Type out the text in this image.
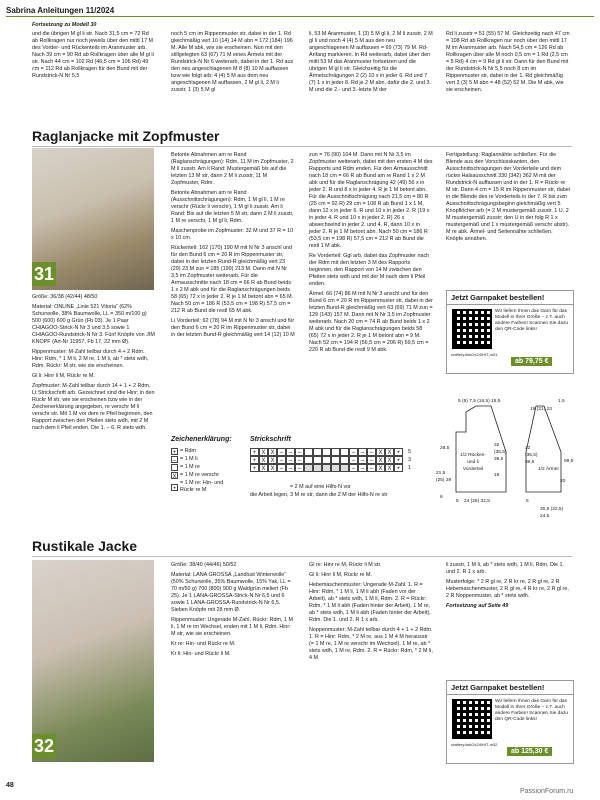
Sabrina Anleitungen 11/2024
Fortsetzung zu Modell 30
und die übrigen M gl li str. Nach 31,5 cm = 72 Rd ab Rollkragen nur noch jeweils über den mittl 17 M des Vorder- und Rückenteils im Aranmuster arb. Nach 39 cm = 90 Rd ab Rollkragen über alle M gl li str. Nach 44 cm = 102 Rd (46,5 cm = 106 Rd) 49 cm = 112 Rd ab Rollkragen für den Bund mit der Rundstrick-N Nr 5,5
noch 5 cm im Rippenmuster str, dabei in der 1. Rd gleichmäßig vert 10 (14) 14 M abn = 172 (184) 196 M. Alle M abk, wie sie erscheinen. Nun mit den stillgelegten 63 (67) 71 M eines Ärmels mit der Rundstrick-N Nr 6 weiterarb, dabei in der 1. Rd aus den neu angeschlagenen M 8 (8) 10 M auffassen bzw wie folgt arb: 4 (4) 5 M aus dem neu angeschlagenen M auffassen, 2 M gl li, 2 M li zusstr, 1 (3) 5 M gl
li, 53 M Aranmuster, 1 (3) 5 M gl li, 2 M li zusstr, 2 M gl li und noch 4 (4) 5 M aus den neu angeschlagenen M auffassen = 69 (73) 79 M. Rd-Anfang markieren. In Rd weiterarb, dabei über den mittl 53 M das Aranmuster fortsetzen und die übrigen M gl li str. Gleichzeitig für die Ärmelschrägungen 2 (2) 10 x in jeder 6. Rd und 7 (7) 1 x in jeder 8. Rd je 2 M abn, dafür die 2. und 3. M und die 2.- und 3.-letzte M der
Rd li zusstr = 51 (55) 57 M. Gleichzeitig nach 47 cm = 108 Rd ab Rollkragen nur noch über den mittl 17 M im Aranmuster arb. Nach 54,5 cm = 126 Rd ab Rollkragen über alle M noch 0,5 cm = 1 Rd (2,5 cm = 5 Rd) 4 cm = 9 Rd gl li str. Dann für den Bund mit der Rundstrick-N Nr 5,5 noch 8 cm im Rippenmuster str, dabei in der 1. Rd gleichmäßig vert 3 (3) 5 M abn = 48 (52) 52 M. Die M abk, wie sie erscheinen.
Raglanjacke mit Zopfmuster
31

Größe: 36/38 (42/44) 48/50

Material: ONLINE „Linie 521 Vitoria“ (62% Schurwolle, 38% Baumwolle, LL = 350 m/100 g) 500 (600) 600 g Grün (Fb 03). Je 1 Paar CHIAGOO-Strick-N Nr 3 und 3,5 sowie 1 CHIAGOO-Rundstrick-N Nr 3. Fünf Knöpfe von JIM KNOPF (Art-Nr 11957, Fb 17, 22 mm Ø).

Rippenmuster: M-Zahl teilbar durch 4 + 2 Rdm. Hinr: Rdm, * 1 M li, 2 M re, 1 M li, ab * stets wdh, Rdm. Rückr: M str, wie sie erscheinen.

Gl li: Hinr li M, Rückr re M.

Zopfmuster: M-Zahl teilbar durch 14 + 1 + 2 Rdm. Lt Strickschrift arb. Gezeichnet sind die Hinr; in den Rückr M str, wie sie erscheinen bzw wie in der Zeichenerklärung angegeben, re verschr M li verschr str. Mit 1 M vor dem re Pfeil beginnen, den Rapport zwischen den Pfeilen stets wdh, mit 2 M nach dem li Pfeil enden. Die 1. – 6. R stets wdh.

Betonte Abnahmen am re Rand (Raglanschrägungen): Rdm, 11 M im Zopfmuster, 2 M li zusstr. Am li Rand: Mustergemäß bis auf die letzten 13 M str, dann 2 M li zusstr, 11 M Zopfmuster, Rdm.

Betonte Abnahmen am re Rand (Ausschnittschrägungen): Rdm, 1 M gl li, 1 M re verschr (Rückr li verschr), 1 M gl li zusstr. Am li Rand: Bis auf die letzten 5 M str, dann 2 M li zusstr, 1 M re verschr, 1 M gl li, Rdm.

Maschenprobe im Zopfmuster: 32 M und 37 R = 10 x 10 cm.

Rückenteil: 162 (170) 190 M mit N Nr 3 anschl und für den Bund 6 cm = 20 R im Rippenmuster str, dabei in der letzten Rund-R gleichmäßig vert 23 (29) 23 M zun = 185 (199) 213 M. Dann mit N Nr 3,5 im Zopfmuster weiterarb. Für die Armausschnitte nach 18 cm = 66 R ab Bund beids 1 x 2 M abk und für die Raglanschrägungen beids 58 (65) 72 x in jeder 2. R je 1 M betont abn = 65 M. Nach 50 cm = 186 R (53,5 cm = 198 R) 57,5 cm = 212 R ab Bund die restl 65 M abk.

Li Vorderteil: 62 (78) 94 M mit N Nr 3 anschl und für den Bund 6 cm = 20 R im Rippenmuster str, dabei in der letzten Bund-R gleichmäßig vert 14 (12) 10 M

zun = 76 (90) 104 M. Dann mit N Nr 3,5 im Zopfmuster weiterarb, dabei mit den ersten 4 M des Rapports und Rdm enden. Für den Armausschnitt nach 18 cm = 66 R ab Bund am re Rand 1 x 2 M abk und für die Raglanschrägung 42 (49) 56 x in jeder 2. R und 8 x in jeder 4. R je 1 M betont abn. Für die Ausschnittschrägung nach 21,5 cm = 80 R (25 cm = 92 R) 29 cm = 108 R ab Bund 1 x 1 M, dann 12 x in jeder 6. R und 10 x in jeder 2. R (19 x in jeder 4. R und 10 x in jeder 2. R) 26 x abwechselnd in jeder 2. und 4. R, dann 10 x in jeder 2. R je 1 M betont abn. Nach 50 cm = 186 R (53,5 cm = 198 R) 57,5 cm = 212 R ab Bund die restl 1 M abk.

Re Vorderteil: Ggl arb, dabei das Zopfmuster nach der Rdm mit den letzten 3 M des Rapports beginnen, den Rapport von 14 M zwischen den Pfeilen stets wdh und mit der M nach dem li Pfeil enden.

Ärmel: 66 (74) 86 M mit N Nr 3 anschl und für den Bund 6 cm = 20 R im Rippenmuster str, dabei in der letzten Bund-R gleichmäßig vert 63 (69) 71 M zun = 129 (143) 157 M. Dann mit N Nr 3,5 im Zopfmuster weiterarb. Nach 20 cm = 74 R ab Bund beids 1 x 2 M abk und für die Raglanschrägungen beids 58 (65) 72 x in jeder 2. R je 1 M betont abn = 9 M. Nach 52 cm = 194 R (56,5 cm = 206 R) 59,5 cm = 220 R ab Bund die restl 9 M abk.

Fertigstellung: Raglannähte schließen. Für die Blende aus den Vorschlusskanten, den Ausschnittschrägungen der Vorderteile und dem rückw Halsausschnitt 330 (342) 362 M mit der Rundstrick-N auffassen und in der 1. R = Rückr re M str. Dann 4 cm = 15 R im Rippenmuster str, dabei in die Blende des re Vorderteils in der 7. R bis zum Ausschnittschrägungsbeginn gleichmäßig vert 5 Knopflöcher arb (= 2 M mustergemäß zusstr, 1 U, 2 M mustergemäß zusstr; den U in der folg R 1 x mustergemäß und 1 x mustergemäß verschr abstr). M re abk. Ärmel- und Seitennähte schließen. Knöpfe annähen.

Jetzt Garnpaket bestellen!
Wir liefern Ihnen das Garn für das Modell in Ihrer Größe – z.T. auch andere Farben! Scannen Sie dazu den QR-Code links!
craftery.link/2x24/HIT-m31
ab 79,75 €
Zeichenerklärung:	Strickschrift
+ = Rdm
– = 1 M li
= 1 M re
X = 1 M re verschr
•
= 1 M re: Hin- und Rückr re M
+ X X – – –	– – – X X +
+ X X – – –	– – – X X +
+ X X – – –	– – – X X +
5
3
1
= 2 M auf eine Hilfs-N vor
die Arbeit legen, 3 M re str, dann die 2 M der Hilfs-N re str
5 (5) 7,5 (16,5) 18,5	1,5
19 (21) 23
28,5
21,5 (25) 29
6
1/2 Rücken- und li Vorderteil
32 (35,5) 39,5
18
32 (35,5) 39,5
1/2 Ärmel
20
59,5
5 24 (28) 32,5	6
30,5 (22,5) 24,5
Rustikale Jacke
32

Größe: 38/40 (44/46) 50/52

Material: LANA GROSSA „Landlust Winterwolle“ (50% Schurwolle, 35% Baumwolle, 15% Yak, LL = 70 m/50 g) 700 (800) 900 g Waldgrün meliert (Fb 25). Je 1 LANA-GROSSA-Strick-N Nr 6,5 und 6 sowie 1 LANA-GROSSA-Rundstrick-N Nr 6,5. Sieben Knöpfe mit 28 mm Ø.

Rippenmuster: Ungerade M-Zahl. Rückr: Rdm, 1 M li, 1 M re im Wechsel, enden mit 1 M li, Rdm. Hinr: M str, wie sie erscheinen.

Kr re: Hin- und Rückr re M.

Kr li: Hin- und Rückr li M.

Gl re: Hinr re M, Rückr li M str.

Gl li: Hinr li M, Rückr re M.

Hebemaschenmuster: Ungerade M-Zahl. 1. R = Hinr: Rdm, * 1 M li, 1 M li abh (Faden vor der Arbeit), ab * stets wdh, 1 M li, Rdm. 2. R = Rückr: Rdm, * 1 M li abh (Faden hinter der Arbeit), 1 M re, ab * stets wdh, 1 M li abh (Faden hinter der Arbeit), Rdm. Die 1. und 2. R 1 x arb.

Noppenmuster: M-Zahl teilbar durch 4 + 1 + 2 Rdm. 1. R = Hinr: Rdm, * 2 M re, aus 1 M 4 M herausstr (= 1 M re, 1 M re verschr im Wechsel), 1 M re, ab * stets wdh, 1 M re, Rdm. 2. R = Rückr: Rdm, * 2 M li, 4 M

li zusstr, 1 M li, ab * stets wdh, 1 M li, Rdm. Die 1. und 2. R 1 x arb.

Musterfolge: * 2 R gl re, 2 R kr re, 2 R gl re, 2 R Hebemaschenmuster, 2 R gl re, 4 R kr re, 2 R gl re, 2 R Noppenmuster, ab * stets wdh.

Fortsetzung auf Seite 49

Jetzt Garnpaket bestellen!
Wir liefern Ihnen das Garn für das Modell in Ihrer Größe – z.T. auch andere Farben! Scannen Sie dazu den QR-Code links!
craftery.link/2x24/HIT-m32
ab 125,30 €
48
PassionForum.ru
